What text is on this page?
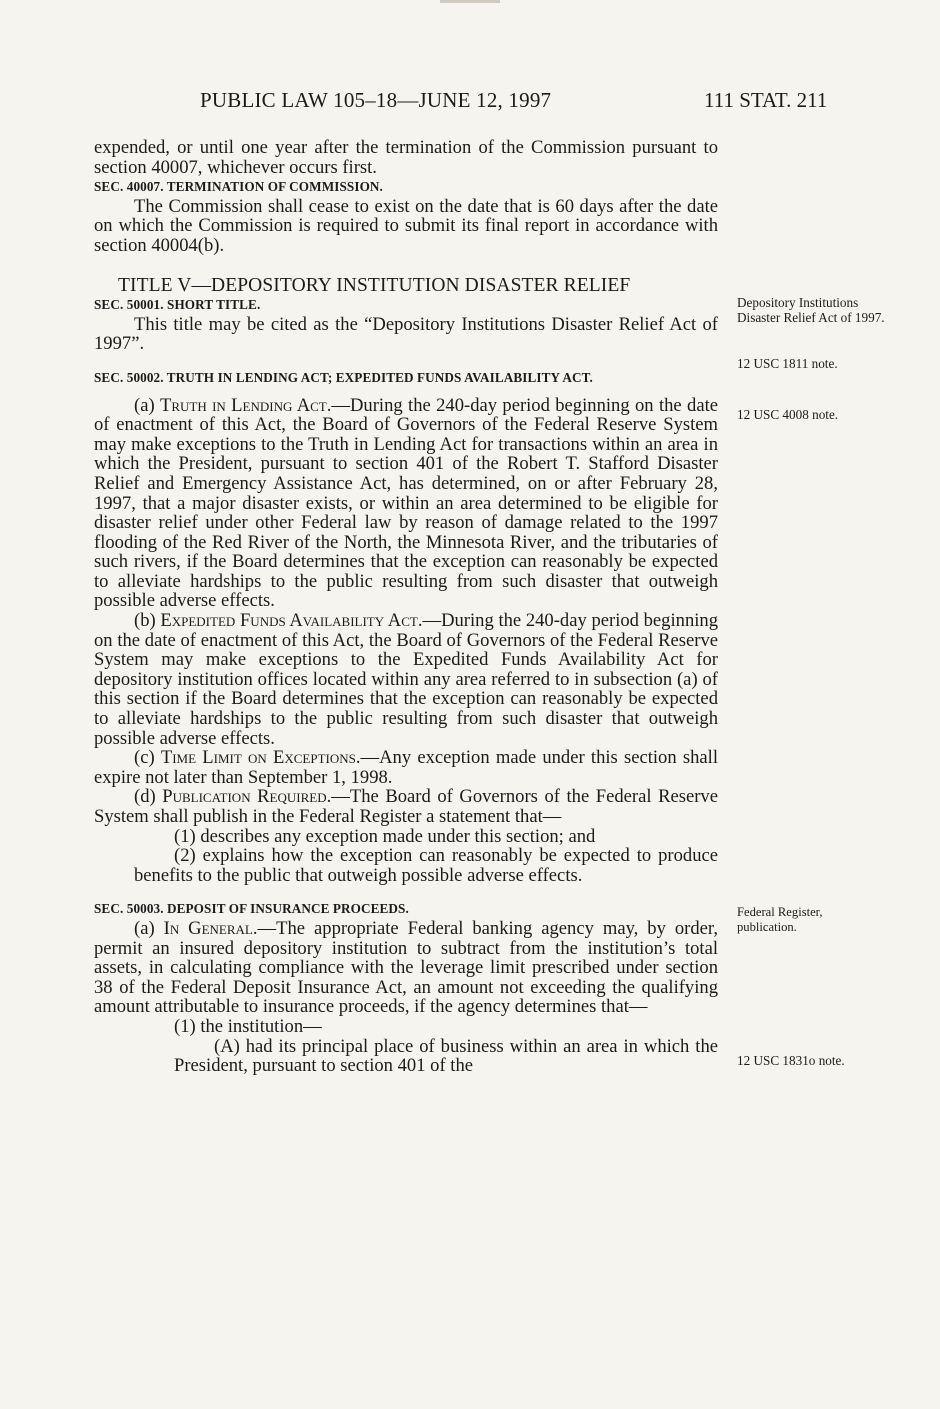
PUBLIC LAW 105–18—JUNE 12, 1997	111 STAT. 211

expended, or until one year after the termination of the Commission pursuant to section 40007, whichever occurs first.

SEC. 40007. TERMINATION OF COMMISSION.

The Commission shall cease to exist on the date that is 60 days after the date on which the Commission is required to submit its final report in accordance with section 40004(b).

TITLE V—DEPOSITORY INSTITUTION DISASTER RELIEF

SEC. 50001. SHORT TITLE.

This title may be cited as the “Depository Institutions Disaster Relief Act of 1997”.

SEC. 50002. TRUTH IN LENDING ACT; EXPEDITED FUNDS AVAILABILITY ACT.

(a) Truth in Lending Act.—During the 240-day period beginning on the date of enactment of this Act, the Board of Governors of the Federal Reserve System may make exceptions to the Truth in Lending Act for transactions within an area in which the President, pursuant to section 401 of the Robert T. Stafford Disaster Relief and Emergency Assistance Act, has determined, on or after February 28, 1997, that a major disaster exists, or within an area determined to be eligible for disaster relief under other Federal law by reason of damage related to the 1997 flooding of the Red River of the North, the Minnesota River, and the tributaries of such rivers, if the Board determines that the exception can reasonably be expected to alleviate hardships to the public resulting from such disaster that outweigh possible adverse effects.

(b) Expedited Funds Availability Act.—During the 240-day period beginning on the date of enactment of this Act, the Board of Governors of the Federal Reserve System may make exceptions to the Expedited Funds Availability Act for depository institution offices located within any area referred to in subsection (a) of this section if the Board determines that the exception can reasonably be expected to alleviate hardships to the public resulting from such disaster that outweigh possible adverse effects.

(c) Time Limit on Exceptions.—Any exception made under this section shall expire not later than September 1, 1998.

(d) Publication Required.—The Board of Governors of the Federal Reserve System shall publish in the Federal Register a statement that—

(1) describes any exception made under this section; and

(2) explains how the exception can reasonably be expected to produce benefits to the public that outweigh possible adverse effects.

SEC. 50003. DEPOSIT OF INSURANCE PROCEEDS.

(a) In General.—The appropriate Federal banking agency may, by order, permit an insured depository institution to subtract from the institution’s total assets, in calculating compliance with the leverage limit prescribed under section 38 of the Federal Deposit Insurance Act, an amount not exceeding the qualifying amount attributable to insurance proceeds, if the agency determines that—

(1) the institution—

(A) had its principal place of business within an area in which the President, pursuant to section 401 of the

Depository Institutions Disaster Relief Act of 1997.
12 USC 1811 note.
12 USC 4008 note.
Federal Register, publication.
12 USC 1831o note.
